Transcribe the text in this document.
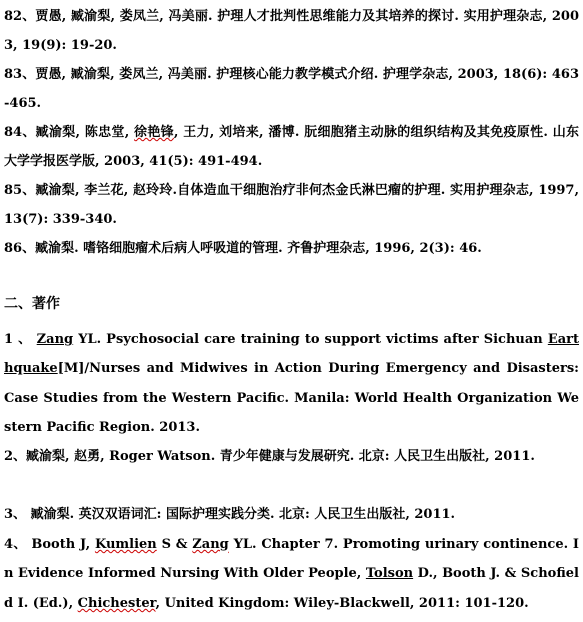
82、贾愚, 臧渝梨, 娄凤兰, 冯美丽. 护理人才批判性思维能力及其培养的探讨. 实用护理杂志, 2003, 19(9): 19-20.
83、贾愚, 臧渝梨, 娄凤兰, 冯美丽. 护理核心能力教学模式介绍. 护理学杂志, 2003, 18(6): 463-465.
84、臧渝梨, 陈忠堂, 徐艳锋, 王力, 刘培来, 潘博. 朊细胞猪主动脉的组织结构及其免疫原性. 山东大学学报医学版, 2003, 41(5): 491-494.
85、臧渝梨, 李兰花, 赵玲玲.自体造血干细胞治疗非何杰金氏淋巴瘤的护理. 实用护理杂志, 1997, 13(7): 339-340.
86、臧渝梨. 嗜铬细胞瘤术后病人呼吸道的管理. 齐鲁护理杂志, 1996, 2(3): 46.
二、著作
1 、 Zang YL. Psychosocial care training to support victims after Sichuan Earthquake[M]/Nurses and Midwives in Action During Emergency and Disasters: Case Studies from the Western Pacific. Manila: World Health Organization Western Pacific Region. 2013.
2、臧渝梨, 赵勇, Roger Watson. 青少年健康与发展研究. 北京: 人民卫生出版社, 2011.
3、 臧渝梨. 英汉双语词汇: 国际护理实践分类. 北京: 人民卫生出版社, 2011.
4、 Booth J, Kumlien S & Zang YL. Chapter 7. Promoting urinary continence. In Evidence Informed Nursing With Older People, Tolson D., Booth J. & Schofield I. (Ed.), Chichester, United Kingdom: Wiley-Blackwell, 2011: 101-120.
